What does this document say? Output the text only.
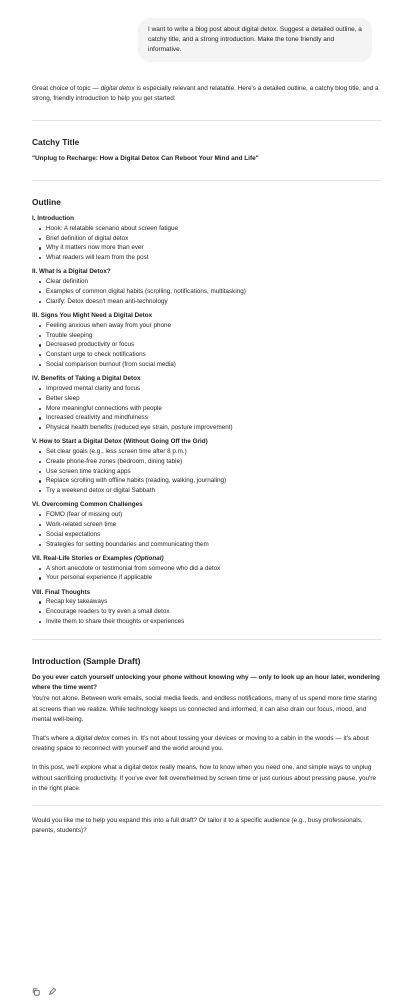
I want to write a blog post about digital detox. Suggest a detailed outline, a catchy title, and a strong introduction. Make the tone friendly and informative.

Great choice of topic — digital detox is especially relevant and relatable. Here's a detailed outline, a catchy blog title, and a strong, friendly introduction to help you get started:

Catchy Title
"Unplug to Recharge: How a Digital Detox Can Reboot Your Mind and Life"
Outline
I. Introduction
Hook: A relatable scenario about screen fatigue
Brief definition of digital detox
Why it matters now more than ever
What readers will learn from the post
II. What Is a Digital Detox?
Clear definition
Examples of common digital habits (scrolling, notifications, multitasking)
Clarify: Detox doesn't mean anti-technology
III. Signs You Might Need a Digital Detox
Feeling anxious when away from your phone
Trouble sleeping
Decreased productivity or focus
Constant urge to check notifications
Social comparison burnout (from social media)
IV. Benefits of Taking a Digital Detox
Improved mental clarity and focus
Better sleep
More meaningful connections with people
Increased creativity and mindfulness
Physical health benefits (reduced eye strain, posture improvement)
V. How to Start a Digital Detox (Without Going Off the Grid)
Set clear goals (e.g., less screen time after 8 p.m.)
Create phone-free zones (bedroom, dining table)
Use screen time tracking apps
Replace scrolling with offline habits (reading, walking, journaling)
Try a weekend detox or digital Sabbath
VI. Overcoming Common Challenges
FOMO (fear of missing out)
Work-related screen time
Social expectations
Strategies for setting boundaries and communicating them
VII. Real-Life Stories or Examples (Optional)
A short anecdote or testimonial from someone who did a detox
Your personal experience if applicable
VIII. Final Thoughts
Recap key takeaways
Encourage readers to try even a small detox
Invite them to share their thoughts or experiences
Introduction (Sample Draft)
Do you ever catch yourself unlocking your phone without knowing why — only to look up an hour later, wondering where the time went?
You're not alone. Between work emails, social media feeds, and endless notifications, many of us spend more time staring at screens than we realize. While technology keeps us connected and informed, it can also drain our focus, mood, and mental well-being.
That's where a digital detox comes in. It's not about tossing your devices or moving to a cabin in the woods — it's about creating space to reconnect with yourself and the world around you.
In this post, we'll explore what a digital detox really means, how to know when you need one, and simple ways to unplug without sacrificing productivity. If you've ever felt overwhelmed by screen time or just curious about pressing pause, you're in the right place.
Would you like me to help you expand this into a full draft? Or tailor it to a specific audience (e.g., busy professionals, parents, students)?
